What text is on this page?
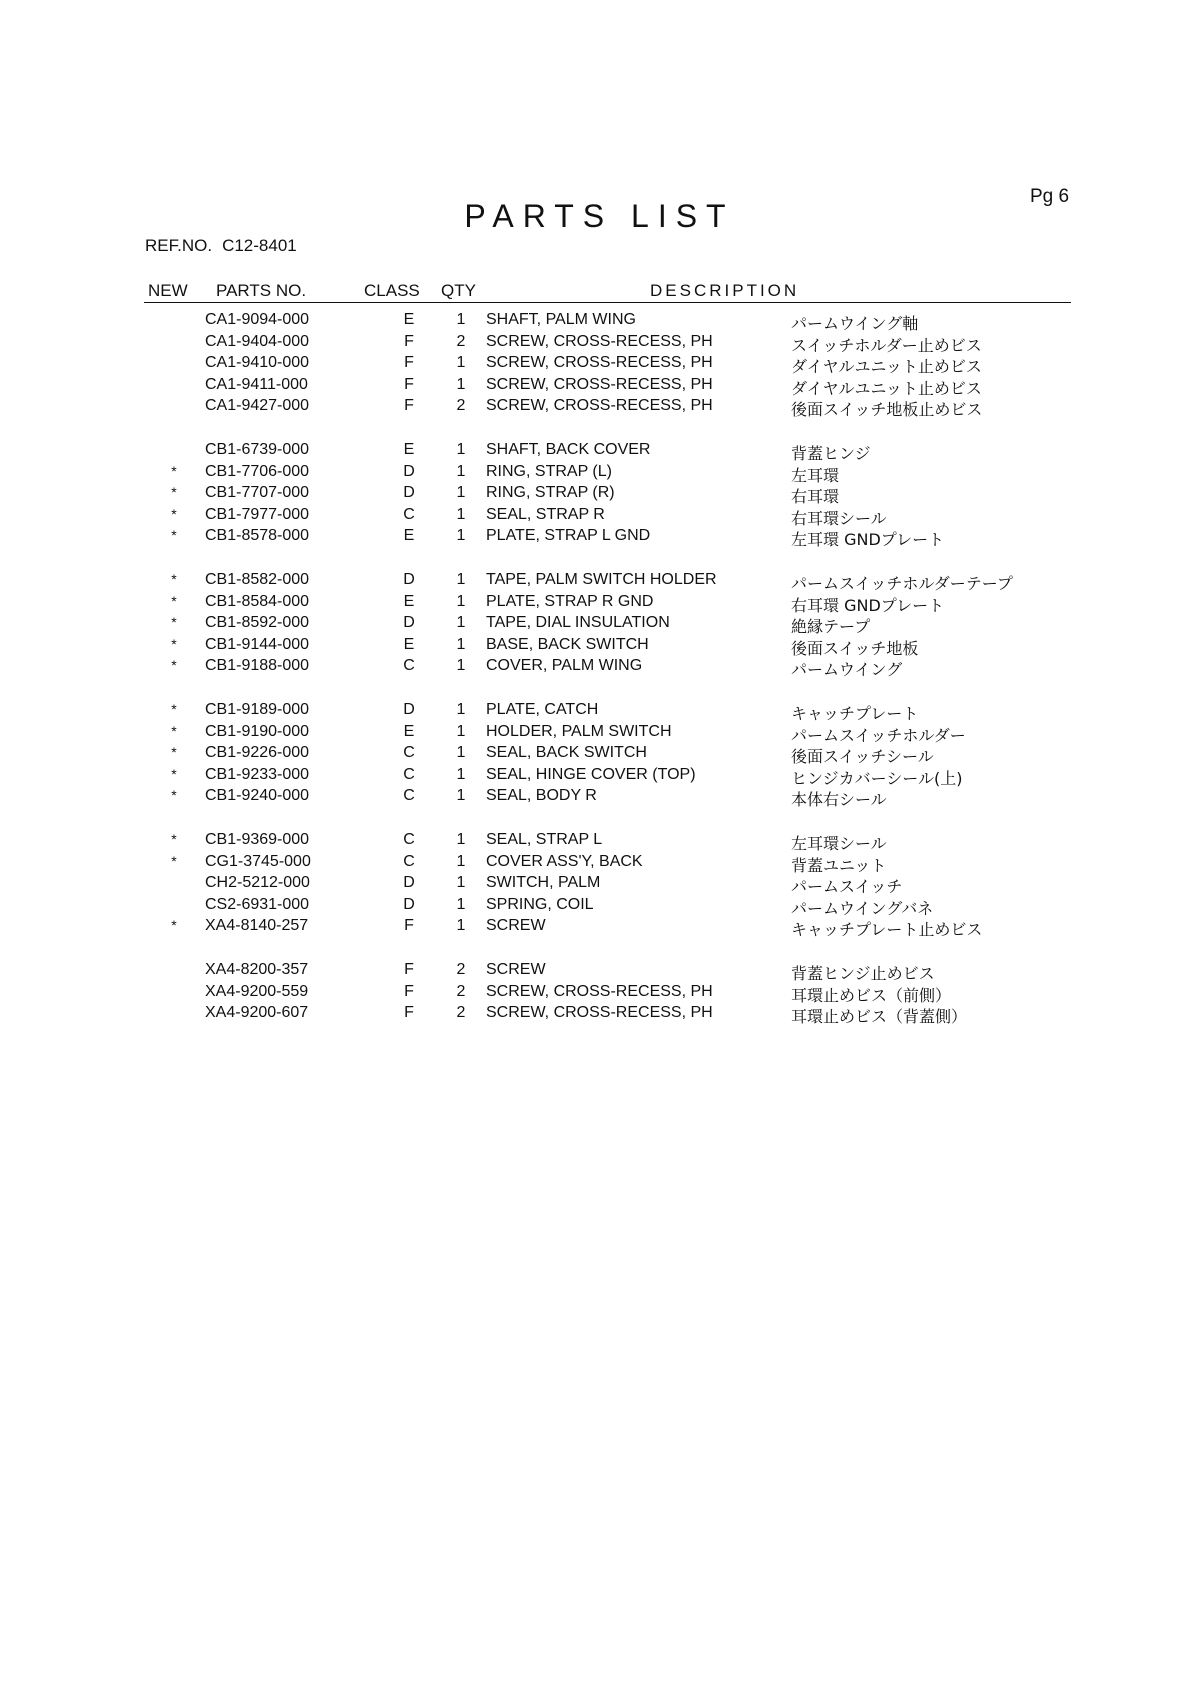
Pg 6
PARTS LIST
REF.NO. C12-8401
NEW PARTS NO.	CLASS QTY	DESCRIPTION
CA1-9094-000	E	1 SHAFT, PALM WING	パームウイング軸
CA1-9404-000	F	2 SCREW, CROSS-RECESS, PH	スイッチホルダー止めビス
CA1-9410-000	F	1 SCREW, CROSS-RECESS, PH	ダイヤルユニット止めビス
CA1-9411-000	F	1 SCREW, CROSS-RECESS, PH	ダイヤルユニット止めビス
CA1-9427-000	F	2 SCREW, CROSS-RECESS, PH	後面スイッチ地板止めビス
CB1-6739-000	E	1 SHAFT, BACK COVER	背蓋ヒンジ
* CB1-7706-000	D	1 RING, STRAP (L)	左耳環
* CB1-7707-000	D	1 RING, STRAP (R)	右耳環
* CB1-7977-000	C	1 SEAL, STRAP R	右耳環シール
* CB1-8578-000	E	1 PLATE, STRAP L GND	左耳環 GNDプレート
* CB1-8582-000	D	1 TAPE, PALM SWITCH HOLDER	パームスイッチホルダーテープ
* CB1-8584-000	E	1 PLATE, STRAP R GND	右耳環 GNDプレート
* CB1-8592-000	D	1 TAPE, DIAL INSULATION	絶縁テープ
* CB1-9144-000	E	1 BASE, BACK SWITCH	後面スイッチ地板
* CB1-9188-000	C	1 COVER, PALM WING	パームウイング
* CB1-9189-000	D	1 PLATE, CATCH	キャッチプレート
* CB1-9190-000	E	1 HOLDER, PALM SWITCH	パームスイッチホルダー
* CB1-9226-000	C	1 SEAL, BACK SWITCH	後面スイッチシール
* CB1-9233-000	C	1 SEAL, HINGE COVER (TOP)	ヒンジカバーシール(上)
* CB1-9240-000	C	1 SEAL, BODY R	本体右シール
* CB1-9369-000	C	1 SEAL, STRAP L	左耳環シール
* CG1-3745-000	C	1 COVER ASS'Y, BACK	背蓋ユニット
CH2-5212-000	D	1 SWITCH, PALM	パームスイッチ
CS2-6931-000	D	1 SPRING, COIL	パームウイングバネ
* XA4-8140-257	F	1 SCREW	キャッチプレート止めビス
XA4-8200-357	F	2 SCREW	背蓋ヒンジ止めビス
XA4-9200-559	F	2 SCREW, CROSS-RECESS, PH	耳環止めビス（前側）
XA4-9200-607	F	2 SCREW, CROSS-RECESS, PH	耳環止めビス（背蓋側）
